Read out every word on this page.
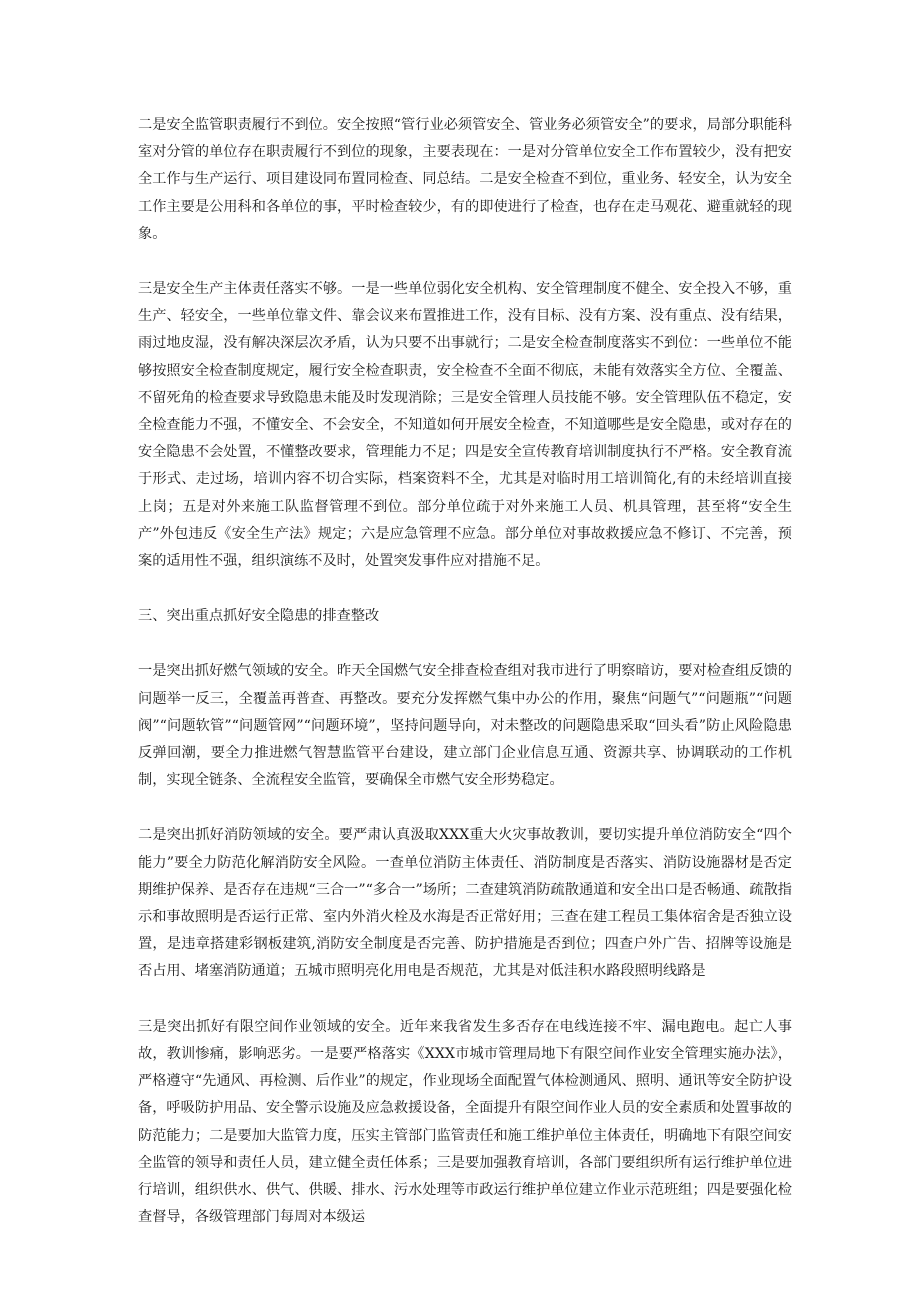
二是安全监管职责履行不到位。安全按照“管行业必须管安全、管业务必须管安全”的要求，局部分职能科室对分管的单位存在职责履行不到位的现象，主要表现在：一是对分管单位安全工作布置较少，没有把安全工作与生产运行、项目建设同布置同检查、同总结。二是安全检查不到位，重业务、轻安全，认为安全工作主要是公用科和各单位的事，平时检查较少，有的即使进行了检查，也存在走马观花、避重就轻的现象。

三是安全生产主体责任落实不够。一是一些单位弱化安全机构、安全管理制度不健全、安全投入不够，重生产、轻安全，一些单位靠文件、靠会议来布置推进工作，没有目标、没有方案、没有重点、没有结果，雨过地皮湿，没有解决深层次矛盾，认为只要不出事就行；二是安全检查制度落实不到位：一些单位不能够按照安全检查制度规定，履行安全检查职责，安全检查不全面不彻底，未能有效落实全方位、全覆盖、不留死角的检查要求导致隐患未能及时发现消除；三是安全管理人员技能不够。安全管理队伍不稳定，安全检查能力不强，不懂安全、不会安全，不知道如何开展安全检查，不知道哪些是安全隐患，或对存在的安全隐患不会处置，不懂整改要求，管理能力不足；四是安全宣传教育培训制度执行不严格。安全教育流于形式、走过场，培训内容不切合实际，档案资料不全，尤其是对临时用工培训简化,有的未经培训直接上岗；五是对外来施工队监督管理不到位。部分单位疏于对外来施工人员、机具管理，甚至将“安全生产”外包违反《安全生产法》规定；六是应急管理不应急。部分单位对事故救援应急不修订、不完善，预案的适用性不强，组织演练不及时，处置突发事件应对措施不足。

三、突出重点抓好安全隐患的排查整改

一是突出抓好燃气领域的安全。昨天全国燃气安全排查检查组对我市进行了明察暗访，要对检查组反馈的问题举一反三，全覆盖再普查、再整改。要充分发挥燃气集中办公的作用，聚焦“问题气”“问题瓶”“问题阀”“问题软管”“问题管网”“问题环境”，坚持问题导向，对未整改的问题隐患采取“回头看”防止风险隐患反弹回潮，要全力推进燃气智慧监管平台建设，建立部门企业信息互通、资源共享、协调联动的工作机制，实现全链条、全流程安全监管，要确保全市燃气安全形势稳定。

二是突出抓好消防领域的安全。要严肃认真汲取XXX重大火灾事故教训，要切实提升单位消防安全“四个能力”要全力防范化解消防安全风险。一查单位消防主体责任、消防制度是否落实、消防设施器材是否定期维护保养、是否存在违规“三合一”“多合一”场所；二查建筑消防疏散通道和安全出口是否畅通、疏散指示和事故照明是否运行正常、室内外消火栓及水海是否正常好用；三查在建工程员工集体宿舍是否独立设置，是违章搭建彩钢板建筑,消防安全制度是否完善、防护措施是否到位；四查户外广告、招牌等设施是否占用、堵塞消防通道；五城市照明亮化用电是否规范，尤其是对低洼积水路段照明线路是

三是突出抓好有限空间作业领域的安全。近年来我省发生多否存在电线连接不牢、漏电跑电。起亡人事故，教训惨痛，影响恶劣。一是要严格落实《XXX市城市管理局地下有限空间作业安全管理实施办法》，严格遵守“先通风、再检测、后作业”的规定，作业现场全面配置气体检测通风、照明、通讯等安全防护设备，呼吸防护用品、安全警示设施及应急救援设备，全面提升有限空间作业人员的安全素质和处置事故的防范能力；二是要加大监管力度，压实主管部门监管责任和施工维护单位主体责任，明确地下有限空间安全监管的领导和责任人员，建立健全责任体系；三是要加强教育培训，各部门要组织所有运行维护单位进行培训，组织供水、供气、供暖、排水、污水处理等市政运行维护单位建立作业示范班组；四是要强化检查督导，各级管理部门每周对本级运
